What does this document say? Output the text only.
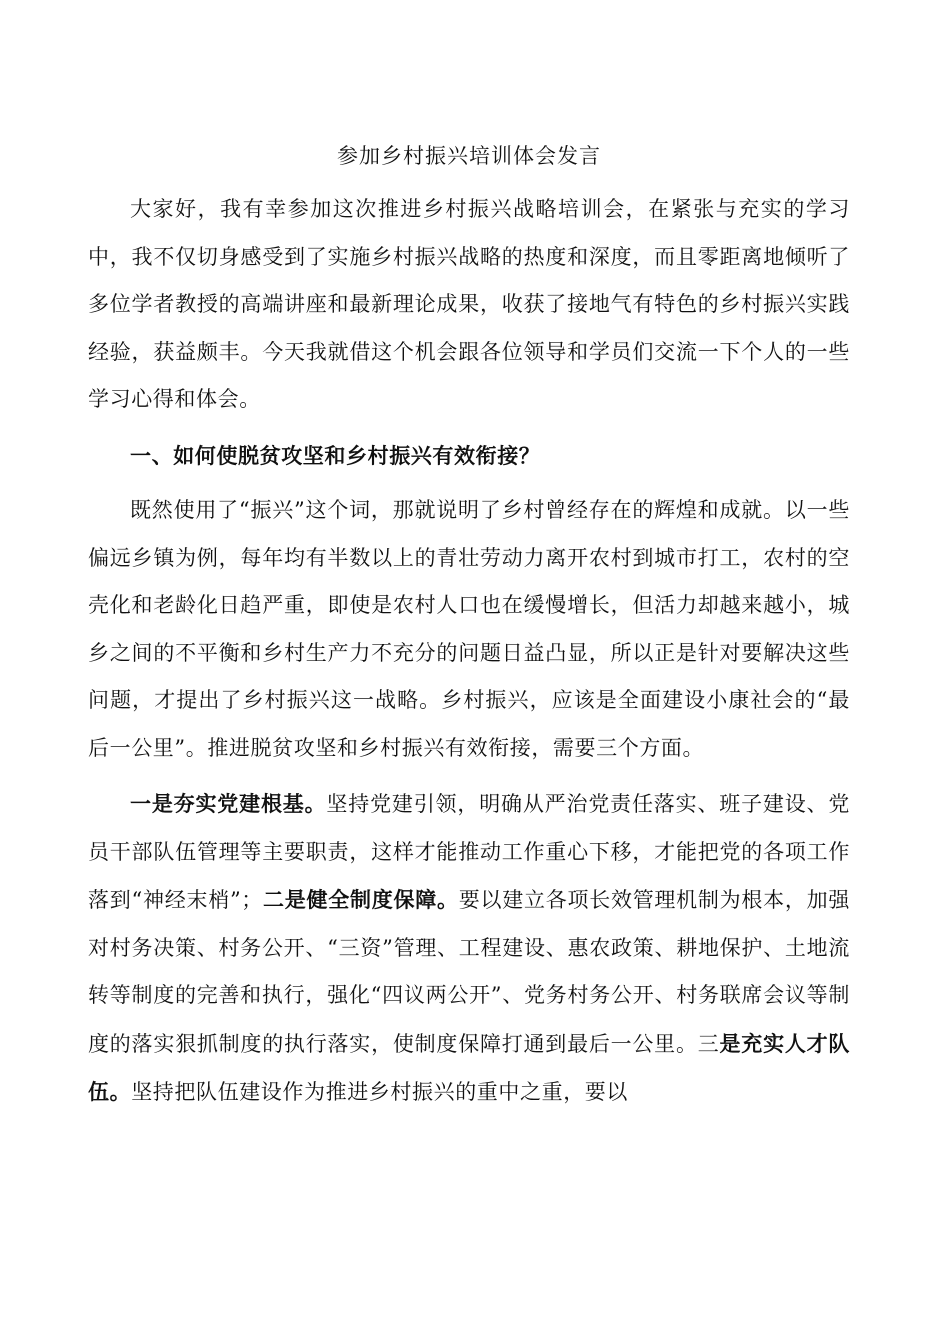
参加乡村振兴培训体会发言

大家好，我有幸参加这次推进乡村振兴战略培训会，在紧张与充实的学习中，我不仅切身感受到了实施乡村振兴战略的热度和深度，而且零距离地倾听了多位学者教授的高端讲座和最新理论成果，收获了接地气有特色的乡村振兴实践经验，获益颇丰。今天我就借这个机会跟各位领导和学员们交流一下个人的一些学习心得和体会。

一、如何使脱贫攻坚和乡村振兴有效衔接？

既然使用了“振兴”这个词，那就说明了乡村曾经存在的辉煌和成就。以一些偏远乡镇为例，每年均有半数以上的青壮劳动力离开农村到城市打工，农村的空壳化和老龄化日趋严重，即使是农村人口也在缓慢增长，但活力却越来越小，城乡之间的不平衡和乡村生产力不充分的问题日益凸显，所以正是针对要解决这些问题，才提出了乡村振兴这一战略。乡村振兴，应该是全面建设小康社会的“最后一公里”。推进脱贫攻坚和乡村振兴有效衔接，需要三个方面。

一是夯实党建根基。坚持党建引领，明确从严治党责任落实、班子建设、党员干部队伍管理等主要职责，这样才能推动工作重心下移，才能把党的各项工作落到“神经末梢”；二是健全制度保障。要以建立各项长效管理机制为根本，加强对村务决策、村务公开、“三资”管理、工程建设、惠农政策、耕地保护、土地流转等制度的完善和执行，强化“四议两公开”、党务村务公开、村务联席会议等制度的落实狠抓制度的执行落实，使制度保障打通到最后一公里。三是充实人才队伍。坚持把队伍建设作为推进乡村振兴的重中之重，要以
